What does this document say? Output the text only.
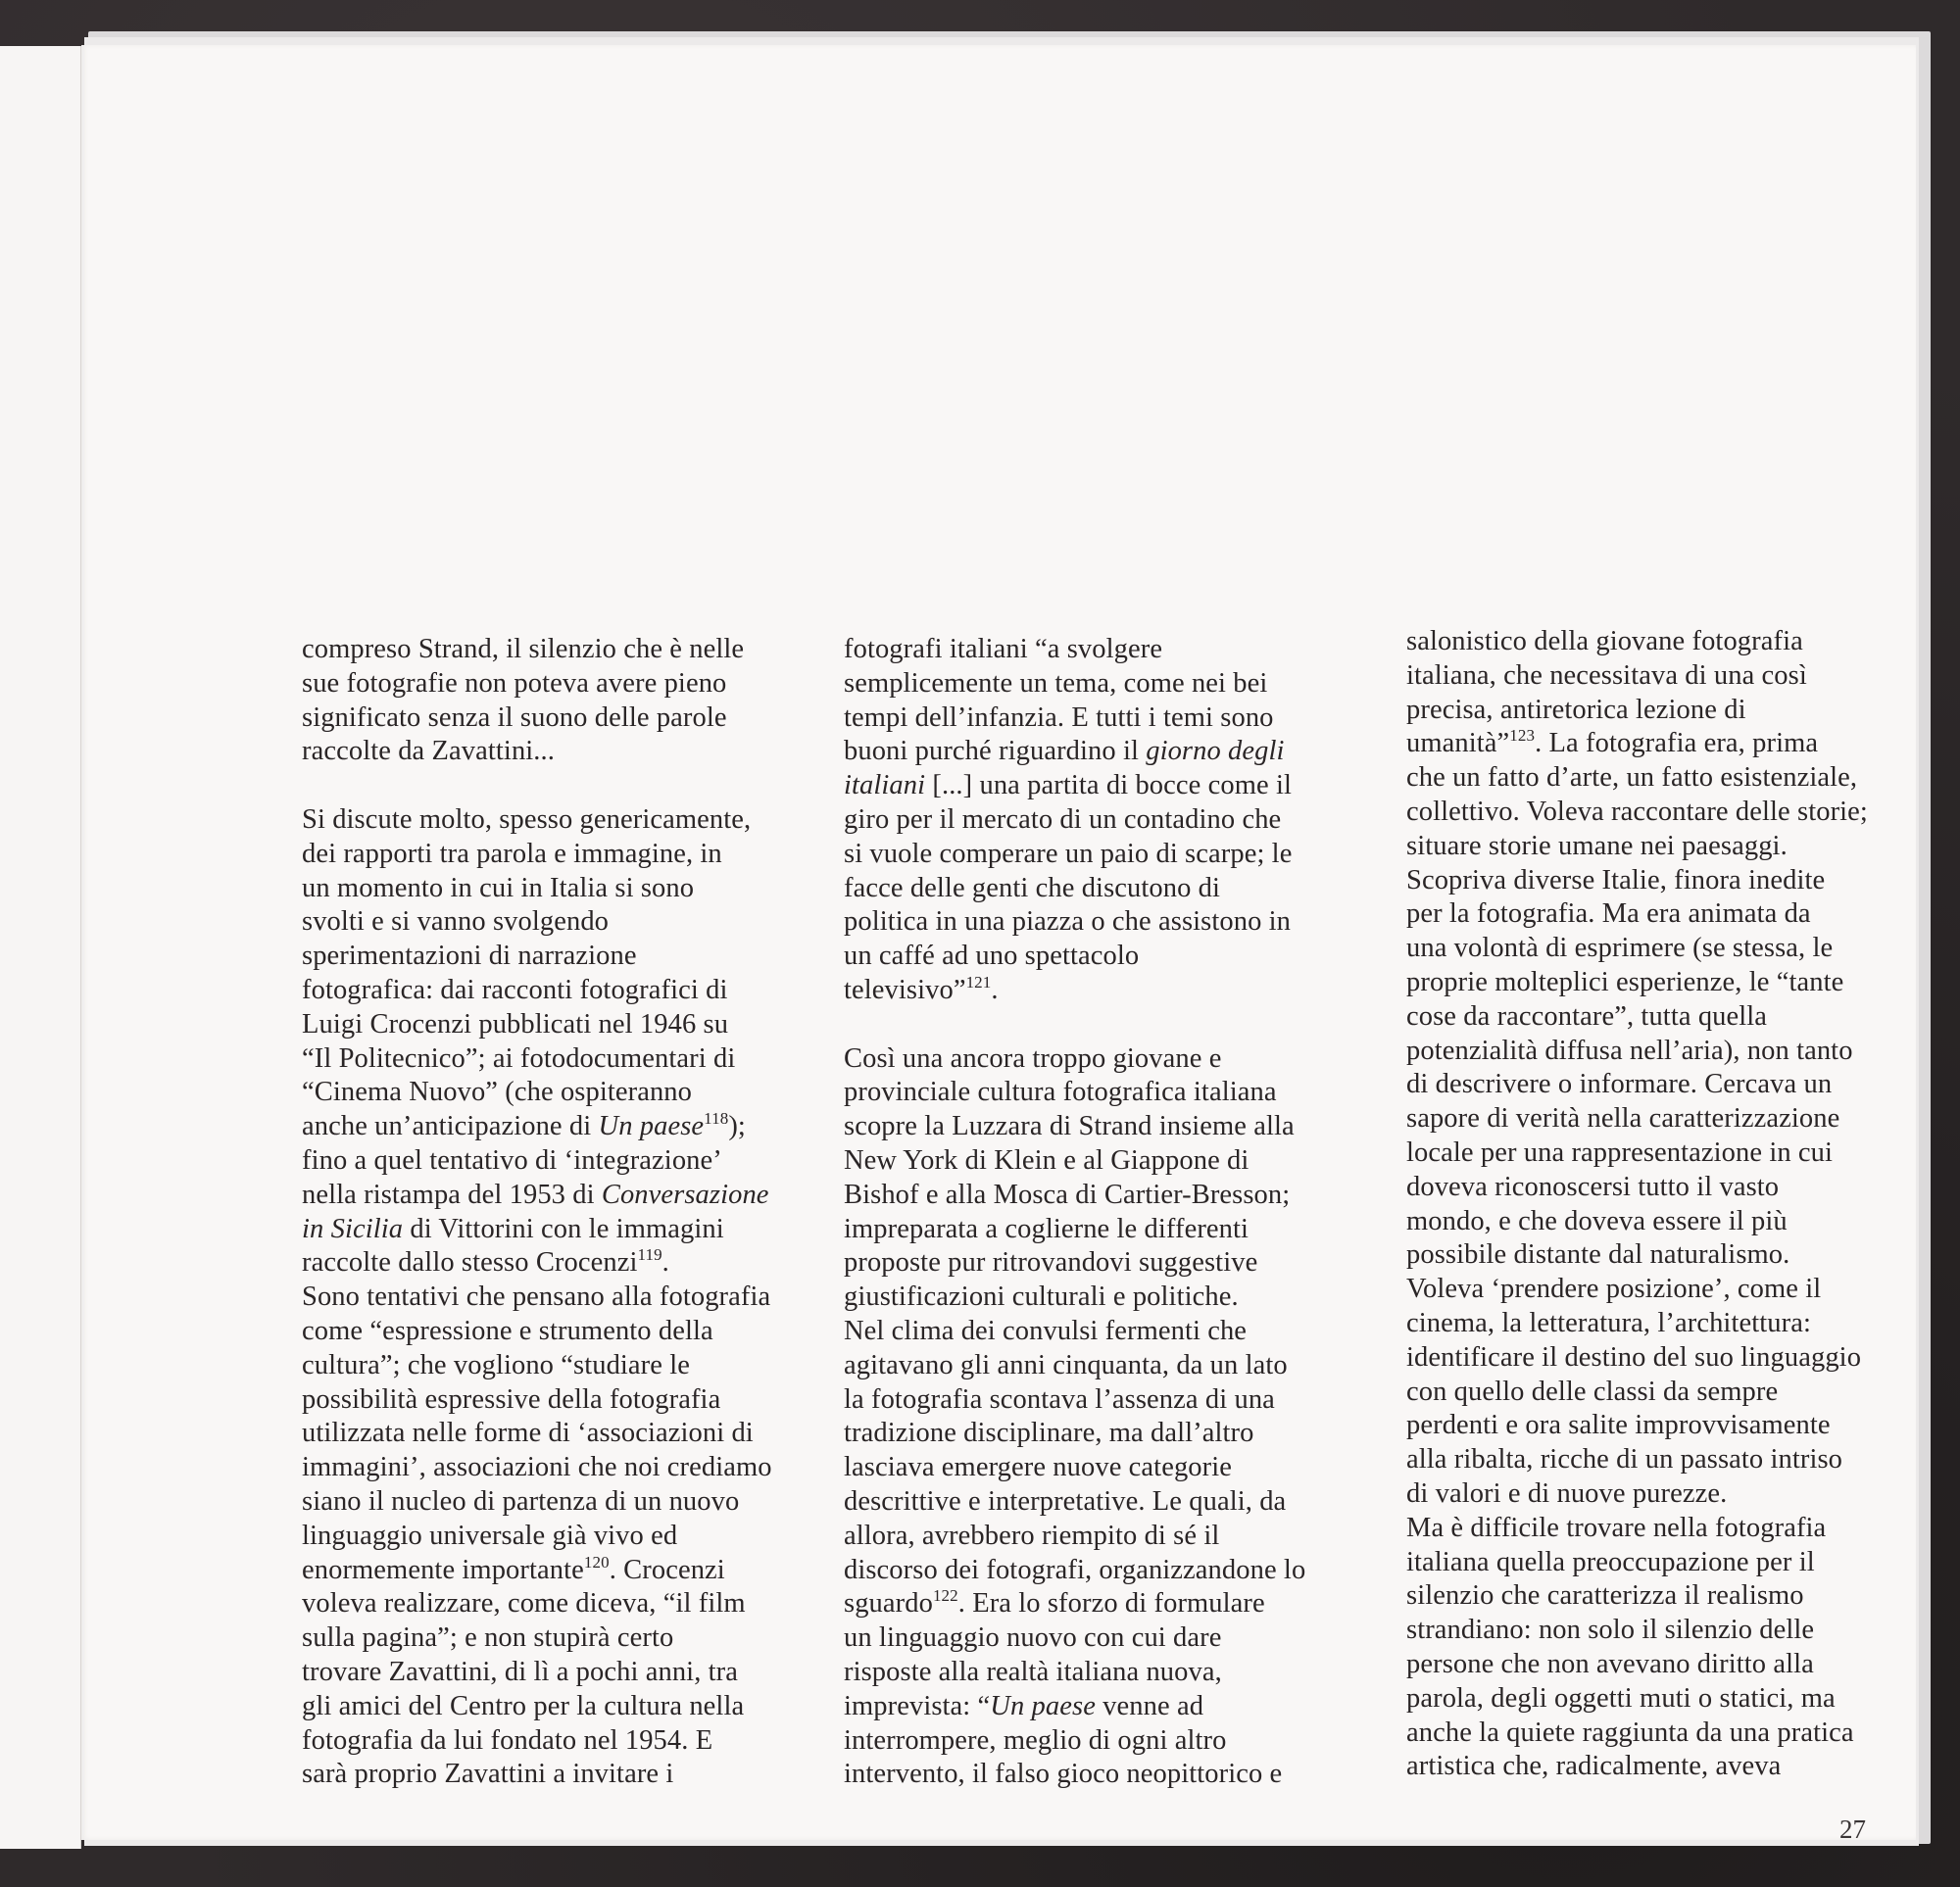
compreso Strand, il silenzio che è nelle
sue fotografie non poteva avere pieno
significato senza il suono delle parole
raccolte da Zavattini...
Si discute molto, spesso genericamente,
dei rapporti tra parola e immagine, in
un momento in cui in Italia si sono
svolti e si vanno svolgendo
sperimentazioni di narrazione
fotografica: dai racconti fotografici di
Luigi Crocenzi pubblicati nel 1946 su
“Il Politecnico”; ai fotodocumentari di
“Cinema Nuovo” (che ospiteranno
anche un’anticipazione di Un paese$^{118}$);
fino a quel tentativo di ‘integrazione’
nella ristampa del 1953 di Conversazione
in Sicilia di Vittorini con le immagini
raccolte dallo stesso Crocenzi$^{119}$.
Sono tentativi che pensano alla fotografia
come “espressione e strumento della
cultura”; che vogliono “studiare le
possibilità espressive della fotografia
utilizzata nelle forme di ‘associazioni di
immagini’, associazioni che noi crediamo
siano il nucleo di partenza di un nuovo
linguaggio universale già vivo ed
enormemente importante$^{120}$. Crocenzi
voleva realizzare, come diceva, “il film
sulla pagina”; e non stupirà certo
trovare Zavattini, di lì a pochi anni, tra
gli amici del Centro per la cultura nella
fotografia da lui fondato nel 1954. E
sarà proprio Zavattini a invitare i
fotografi italiani “a svolgere
semplicemente un tema, come nei bei
tempi dell’infanzia. E tutti i temi sono
buoni purché riguardino il giorno degli
italiani [...] una partita di bocce come il
giro per il mercato di un contadino che
si vuole comperare un paio di scarpe; le
facce delle genti che discutono di
politica in una piazza o che assistono in
un caffé ad uno spettacolo
televisivo”$^{121}$.
Così una ancora troppo giovane e
provinciale cultura fotografica italiana
scopre la Luzzara di Strand insieme alla
New York di Klein e al Giappone di
Bishof e alla Mosca di Cartier-Bresson;
impreparata a coglierne le differenti
proposte pur ritrovandovi suggestive
giustificazioni culturali e politiche.
Nel clima dei convulsi fermenti che
agitavano gli anni cinquanta, da un lato
la fotografia scontava l’assenza di una
tradizione disciplinare, ma dall’altro
lasciava emergere nuove categorie
descrittive e interpretative. Le quali, da
allora, avrebbero riempito di sé il
discorso dei fotografi, organizzandone lo
sguardo$^{122}$. Era lo sforzo di formulare
un linguaggio nuovo con cui dare
risposte alla realtà italiana nuova,
imprevista: “Un paese venne ad
interrompere, meglio di ogni altro
intervento, il falso gioco neopittorico e
salonistico della giovane fotografia
italiana, che necessitava di una così
precisa, antiretorica lezione di
umanità”$^{123}$. La fotografia era, prima
che un fatto d’arte, un fatto esistenziale,
collettivo. Voleva raccontare delle storie;
situare storie umane nei paesaggi.
Scopriva diverse Italie, finora inedite
per la fotografia. Ma era animata da
una volontà di esprimere (se stessa, le
proprie molteplici esperienze, le “tante
cose da raccontare”, tutta quella
potenzialità diffusa nell’aria), non tanto
di descrivere o informare. Cercava un
sapore di verità nella caratterizzazione
locale per una rappresentazione in cui
doveva riconoscersi tutto il vasto
mondo, e che doveva essere il più
possibile distante dal naturalismo.
Voleva ‘prendere posizione’, come il
cinema, la letteratura, l’architettura:
identificare il destino del suo linguaggio
con quello delle classi da sempre
perdenti e ora salite improvvisamente
alla ribalta, ricche di un passato intriso
di valori e di nuove purezze.
Ma è difficile trovare nella fotografia
italiana quella preoccupazione per il
silenzio che caratterizza il realismo
strandiano: non solo il silenzio delle
persone che non avevano diritto alla
parola, degli oggetti muti o statici, ma
anche la quiete raggiunta da una pratica
artistica che, radicalmente, aveva
27
